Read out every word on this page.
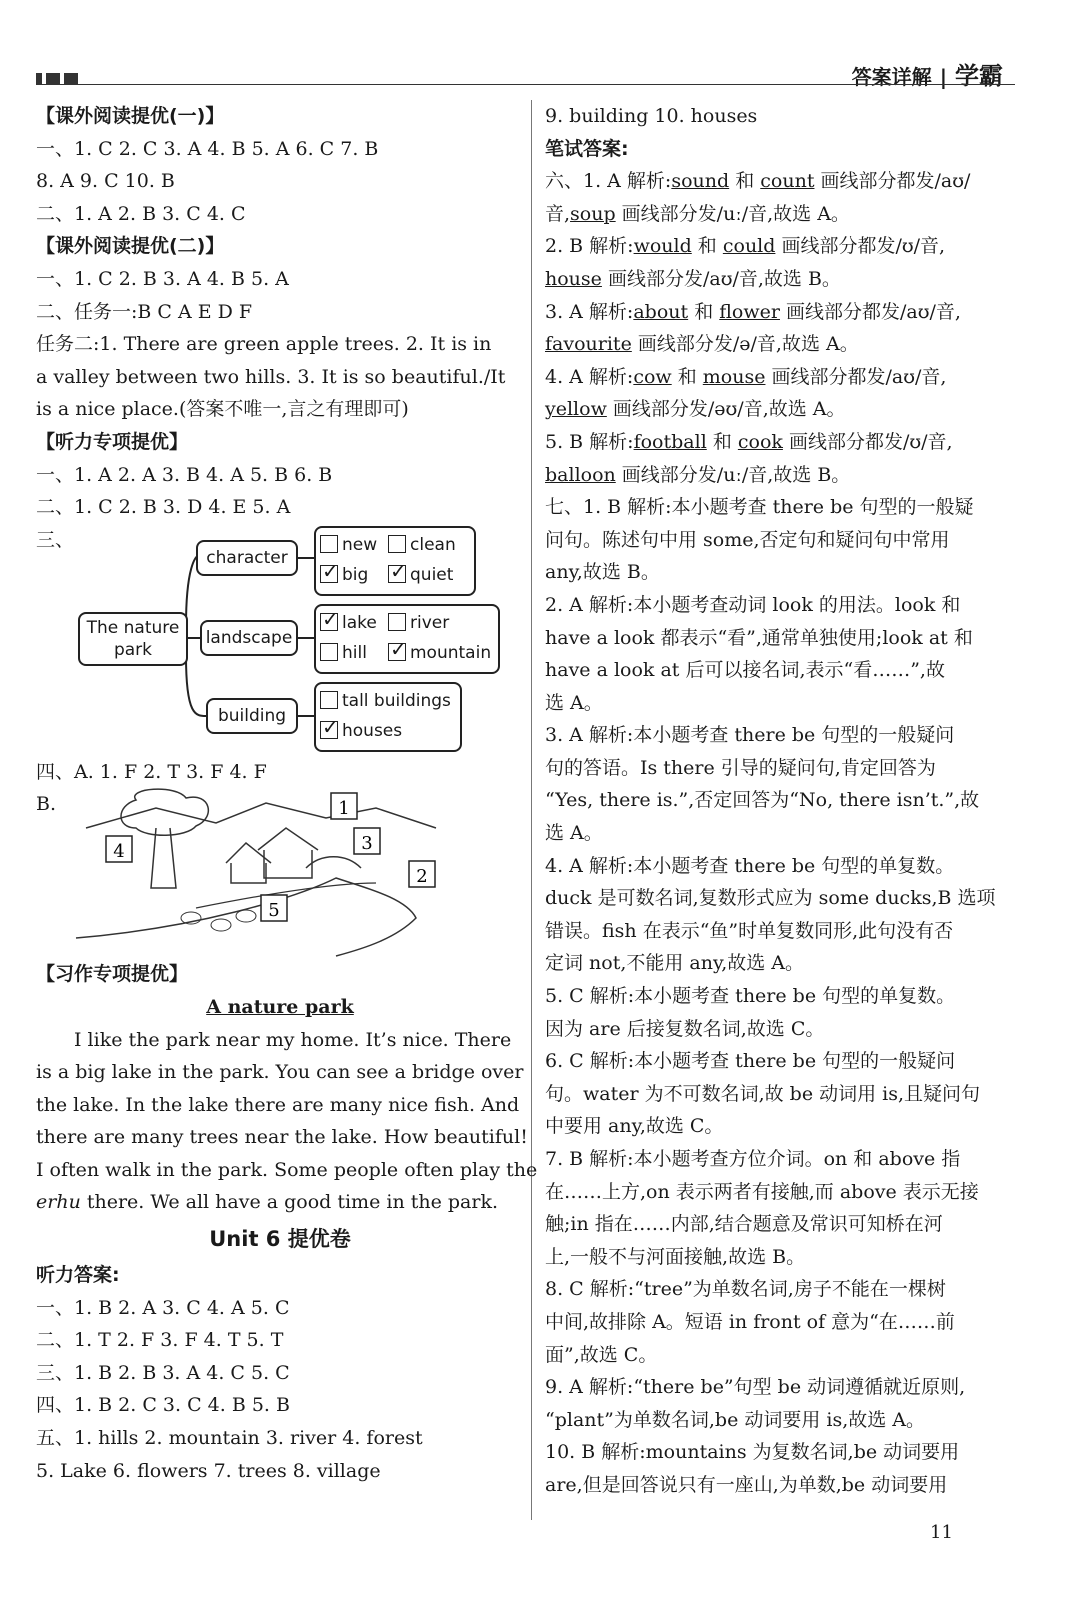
答案详解 | 学霸
【课外阅读提优(一)】
一、1. C 2. C 3. A 4. B 5. A 6. C 7. B
8. A 9. C 10. B
二、1. A 2. B 3. C 4. C
【课外阅读提优(二)】
一、1. C 2. B 3. A 4. B 5. A
二、任务一:B C A E D F
任务二:1. There are green apple trees. 2. It is in
a valley between two hills. 3. It is so beautiful./It
is a nice place.(答案不唯一,言之有理即可)
【听力专项提优】
一、1. A 2. A 3. B 4. A 5. B 6. B
二、1. C 2. B 3. D 4. E 5. A
三、
The nature park
character
landscape
building
new	clean
✓big ✓	quiet
✓lake	river
hill ✓	mountain
tall buildings
✓houses
四、A. 1. F 2. T 3. F 4. F
B.	1
2
3
4
5
【习作专项提优】
A nature park
I like the park near my home. It’s nice. There
is a big lake in the park. You can see a bridge over
the lake. In the lake there are many nice fish. And
there are many trees near the lake. How beautiful!
I often walk in the park. Some people often play the
erhu there. We all have a good time in the park.
Unit 6 提优卷
听力答案:
一、1. B 2. A 3. C 4. A 5. C
二、1. T 2. F 3. F 4. T 5. T
三、1. B 2. B 3. A 4. C 5. C
四、1. B 2. C 3. C 4. B 5. B
五、1. hills 2. mountain 3. river 4. forest
5. Lake 6. flowers 7. trees 8. village
9. building 10. houses
笔试答案:
六、1. A 解析:sound 和 count 画线部分都发/aʊ/
音,soup 画线部分发/uː/音,故选 A。
2. B 解析:would 和 could 画线部分都发/ʊ/音,
house 画线部分发/aʊ/音,故选 B。
3. A 解析:about 和 flower 画线部分都发/aʊ/音,
favourite 画线部分发/ə/音,故选 A。
4. A 解析:cow 和 mouse 画线部分都发/aʊ/音,
yellow 画线部分发/əʊ/音,故选 A。
5. B 解析:football 和 cook 画线部分都发/ʊ/音,
balloon 画线部分发/uː/音,故选 B。
七、1. B 解析:本小题考查 there be 句型的一般疑
问句。陈述句中用 some,否定句和疑问句中常用
any,故选 B。
2. A 解析:本小题考查动词 look 的用法。look 和
have a look 都表示“看”,通常单独使用;look at 和
have a look at 后可以接名词,表示“看……”,故
选 A。
3. A 解析:本小题考查 there be 句型的一般疑问
句的答语。Is there 引导的疑问句,肯定回答为
“Yes, there is.”,否定回答为“No, there isn’t.”,故
选 A。
4. A 解析:本小题考查 there be 句型的单复数。
duck 是可数名词,复数形式应为 some ducks,B 选项
错误。fish 在表示“鱼”时单复数同形,此句没有否
定词 not,不能用 any,故选 A。
5. C 解析:本小题考查 there be 句型的单复数。
因为 are 后接复数名词,故选 C。
6. C 解析:本小题考查 there be 句型的一般疑问
句。water 为不可数名词,故 be 动词用 is,且疑问句
中要用 any,故选 C。
7. B 解析:本小题考查方位介词。on 和 above 指
在……上方,on 表示两者有接触,而 above 表示无接
触;in 指在……内部,结合题意及常识可知桥在河
上,一般不与河面接触,故选 B。
8. C 解析:“tree”为单数名词,房子不能在一棵树
中间,故排除 A。短语 in front of 意为“在……前
面”,故选 C。
9. A 解析:“there be”句型 be 动词遵循就近原则,
“plant”为单数名词,be 动词要用 is,故选 A。
10. B 解析:mountains 为复数名词,be 动词要用
are,但是回答说只有一座山,为单数,be 动词要用
11
